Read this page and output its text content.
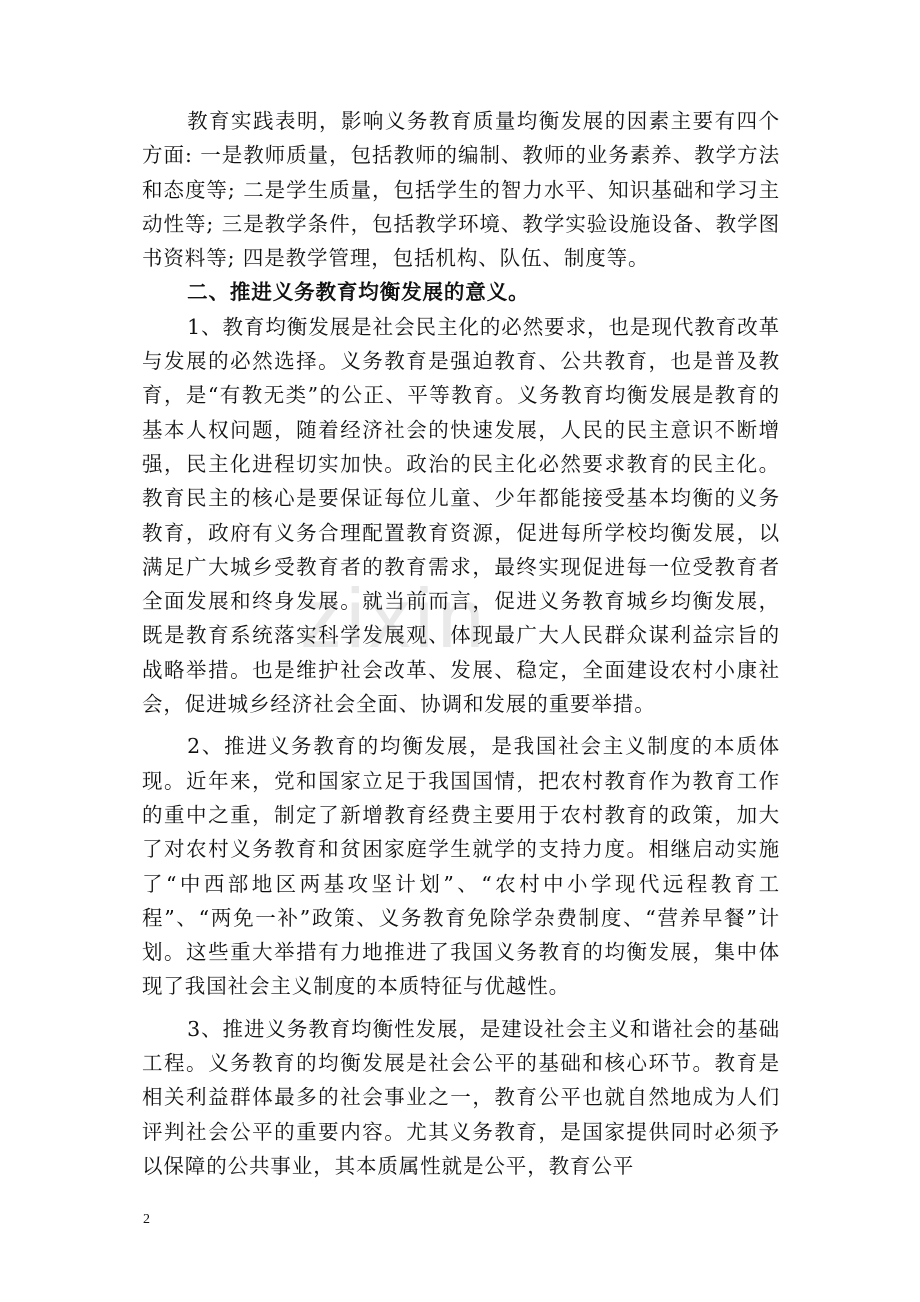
zixin

教育实践表明，影响义务教育质量均衡发展的因素主要有四个方面: 一是教师质量，包括教师的编制、教师的业务素养、教学方法和态度等; 二是学生质量，包括学生的智力水平、知识基础和学习主动性等; 三是教学条件，包括教学环境、教学实验设施设备、教学图书资料等; 四是教学管理，包括机构、队伍、制度等。

二、推进义务教育均衡发展的意义。

1、教育均衡发展是社会民主化的必然要求，也是现代教育改革与发展的必然选择。义务教育是强迫教育、公共教育，也是普及教育，是“有教无类”的公正、平等教育。义务教育均衡发展是教育的基本人权问题，随着经济社会的快速发展，人民的民主意识不断增强，民主化进程切实加快。政治的民主化必然要求教育的民主化。教育民主的核心是要保证每位儿童、少年都能接受基本均衡的义务教育，政府有义务合理配置教育资源，促进每所学校均衡发展，以满足广大城乡受教育者的教育需求，最终实现促进每一位受教育者全面发展和终身发展。就当前而言，促进义务教育城乡均衡发展，既是教育系统落实科学发展观、体现最广大人民群众谋利益宗旨的战略举措。也是维护社会改革、发展、稳定，全面建设农村小康社会，促进城乡经济社会全面、协调和发展的重要举措。

2、推进义务教育的均衡发展，是我国社会主义制度的本质体现。近年来，党和国家立足于我国国情，把农村教育作为教育工作的重中之重，制定了新增教育经费主要用于农村教育的政策，加大了对农村义务教育和贫困家庭学生就学的支持力度。相继启动实施了“中西部地区两基攻坚计划”、“农村中小学现代远程教育工程”、“两免一补”政策、义务教育免除学杂费制度、“营养早餐”计划。这些重大举措有力地推进了我国义务教育的均衡发展，集中体现了我国社会主义制度的本质特征与优越性。

3、推进义务教育均衡性发展，是建设社会主义和谐社会的基础工程。义务教育的均衡发展是社会公平的基础和核心环节。教育是相关利益群体最多的社会事业之一，教育公平也就自然地成为人们评判社会公平的重要内容。尤其义务教育，是国家提供同时必须予以保障的公共事业，其本质属性就是公平，教育公平

2
